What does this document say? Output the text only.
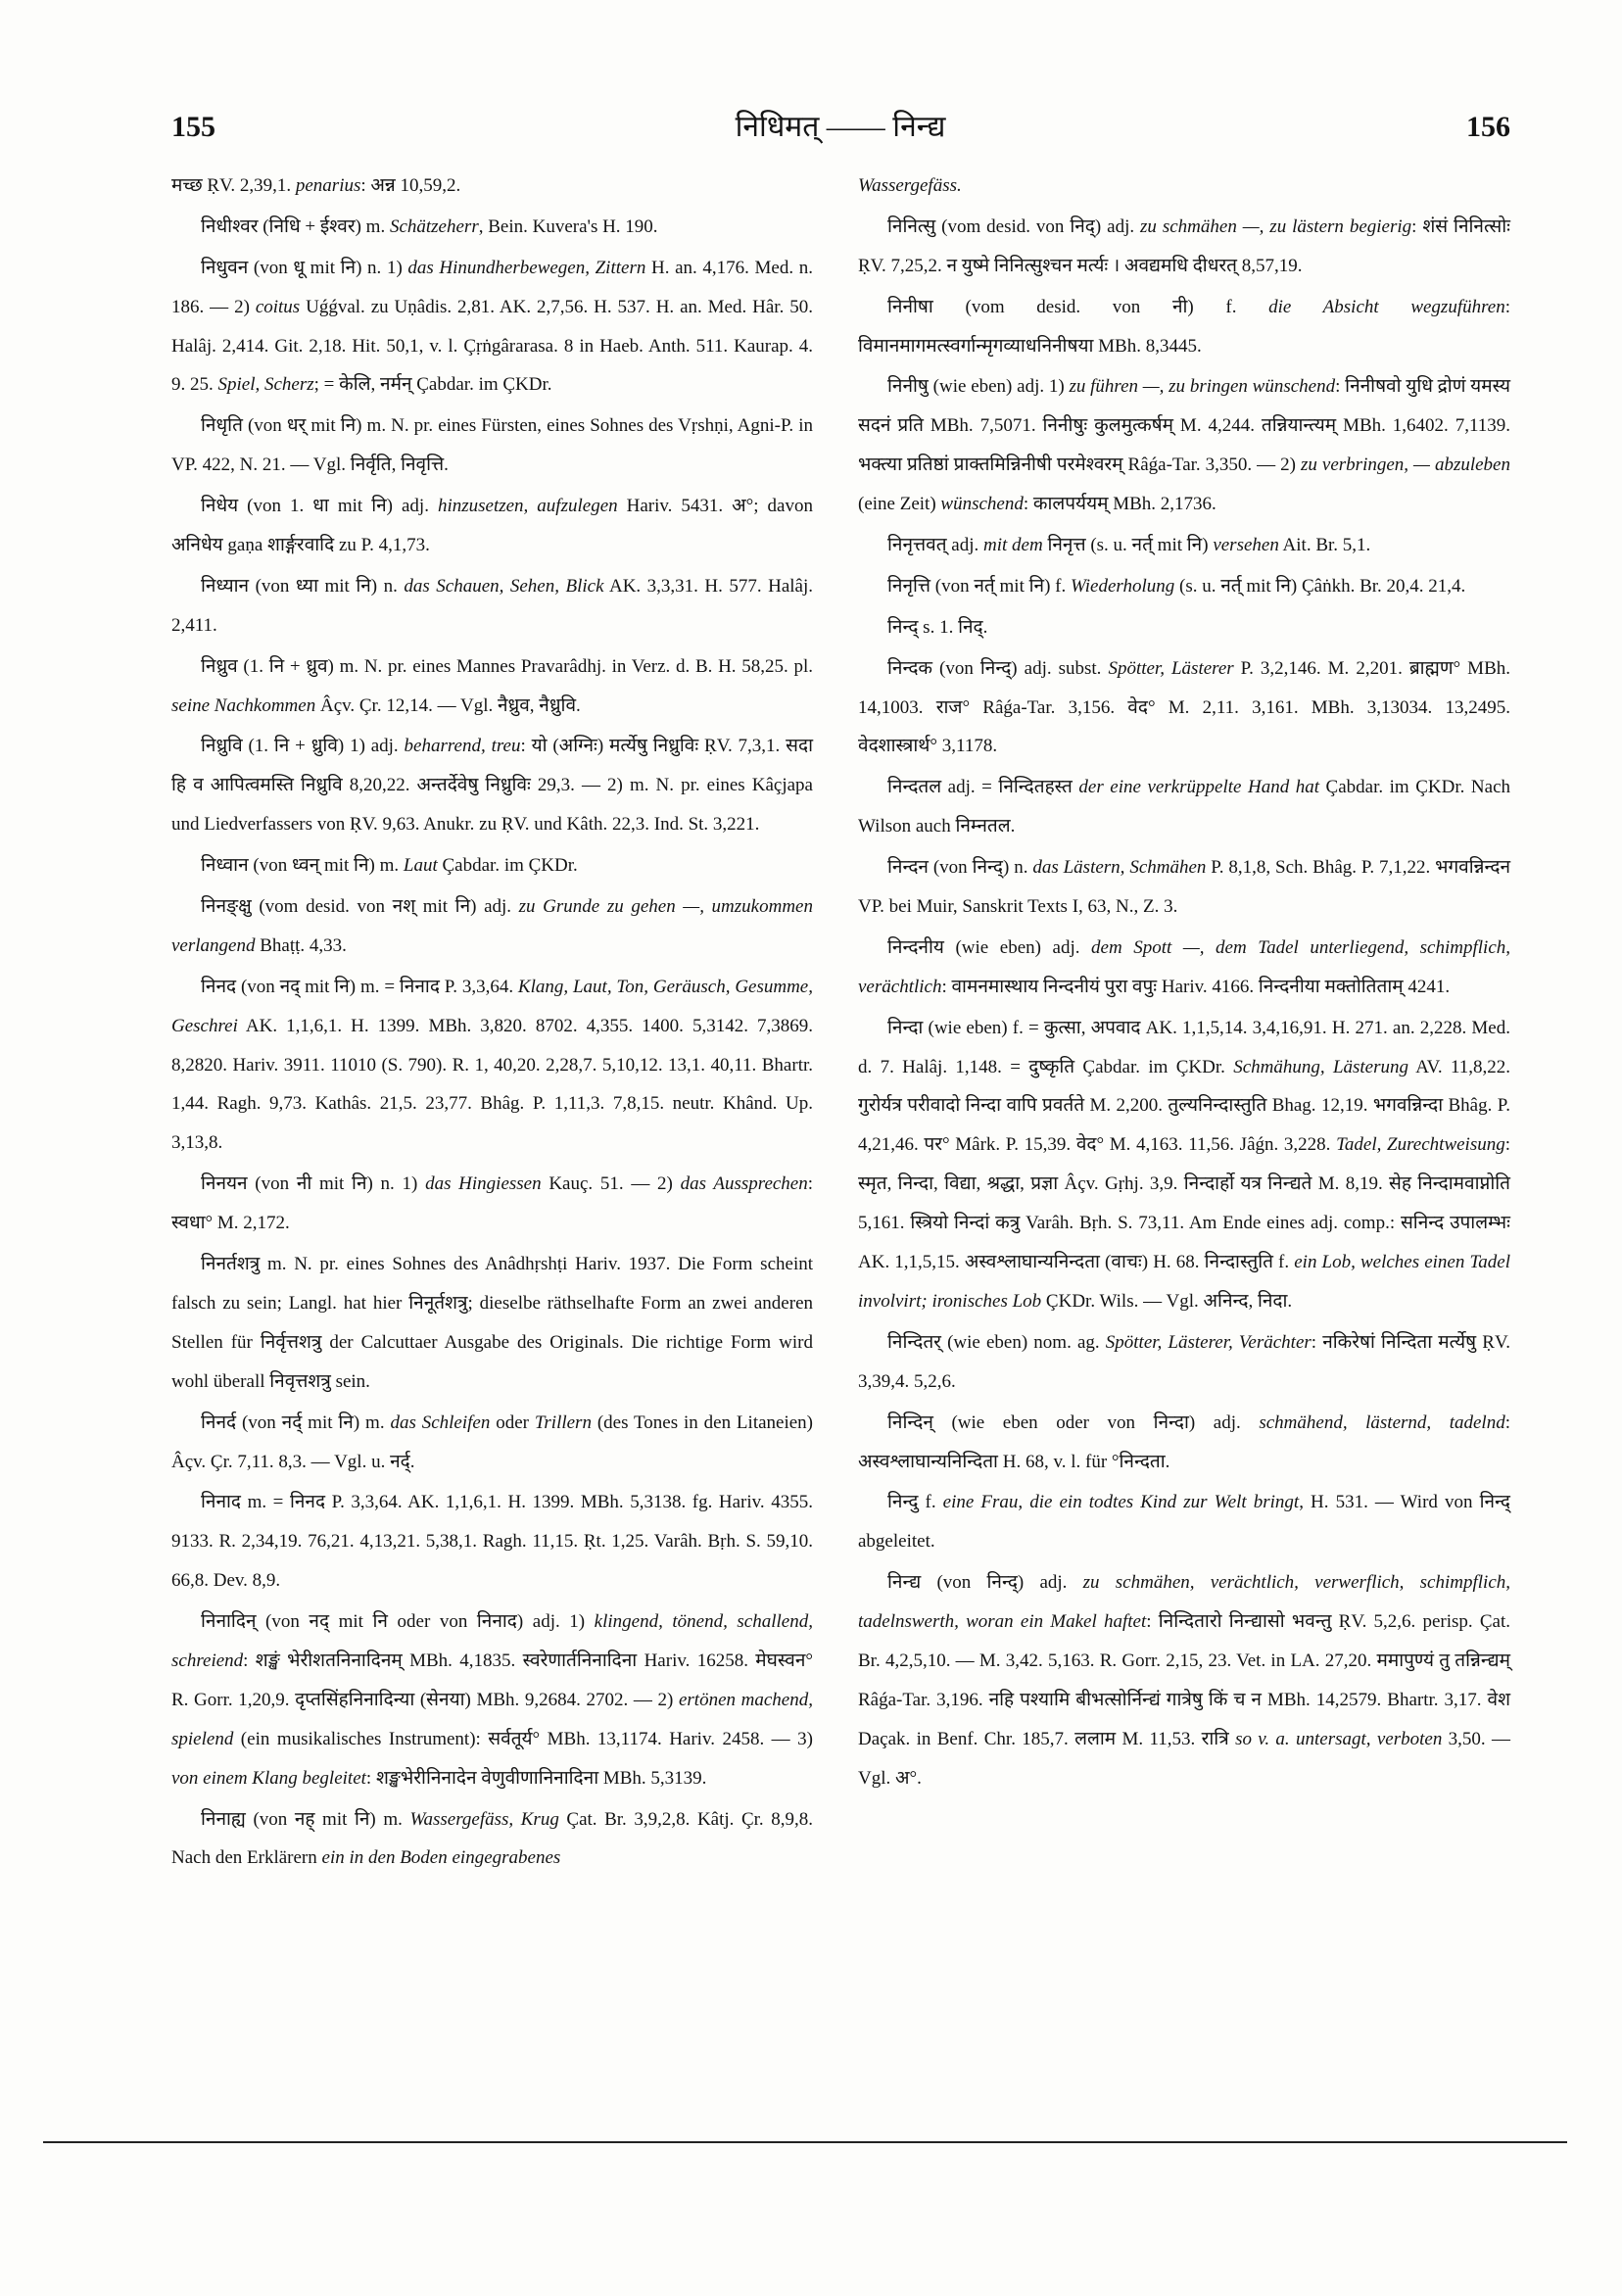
155	निधिमत् —— निन्द्य	156

मच्छ ṚV. 2,39,1. penarius: अन्न 10,59,2.

निधीश्वर (निधि + ईश्वर) m. Schätzeherr, Bein. Kuvera's H. 190.

निधुवन (von धू mit नि) n. 1) das Hinundherbewegen, Zittern H. an. 4,176. Med. n. 186. — 2) coitus Uǵǵval. zu Uṇâdis. 2,81. AK. 2,7,56. H. 537. H. an. Med. Hâr. 50. Halâj. 2,414. Git. 2,18. Hit. 50,1, v. l. Çṛṅgârarasa. 8 in Haeb. Anth. 511. Kaurap. 4. 9. 25. Spiel, Scherz; = केलि, नर्मन् Çabdar. im ÇKDr.

निधृति (von धर् mit नि) m. N. pr. eines Fürsten, eines Sohnes des Vṛshṇi, Agni-P. in VP. 422, N. 21. — Vgl. निर्वृति, निवृत्ति.

निधेय (von 1. धा mit नि) adj. hinzusetzen, aufzulegen Hariv. 5431. अ°; davon अनिधेय gaṇa शार्ङ्गरवादि zu P. 4,1,73.

निध्यान (von ध्या mit नि) n. das Schauen, Sehen, Blick AK. 3,3,31. H. 577. Halâj. 2,411.

निध्रुव (1. नि + ध्रुव) m. N. pr. eines Mannes Pravarâdhj. in Verz. d. B. H. 58,25. pl. seine Nachkommen Âçv. Çr. 12,14. — Vgl. नैध्रुव, नैध्रुवि.

निध्रुवि (1. नि + ध्रुवि) 1) adj. beharrend, treu: यो (अग्निः) मर्त्येषु निध्रुविः ṚV. 7,3,1. सदा हि व आपित्वमस्ति निध्रुवि 8,20,22. अन्तर्देवेषु निध्रुविः 29,3. — 2) m. N. pr. eines Kâçjapa und Liedverfassers von ṚV. 9,63. Anukr. zu ṚV. und Kâth. 22,3. Ind. St. 3,221.

निध्वान (von ध्वन् mit नि) m. Laut Çabdar. im ÇKDr.

निनङ्क्षु (vom desid. von नश् mit नि) adj. zu Grunde zu gehen —, umzukommen verlangend Bhaṭṭ. 4,33.

निनद (von नद् mit नि) m. = निनाद P. 3,3,64. Klang, Laut, Ton, Geräusch, Gesumme, Geschrei AK. 1,1,6,1. H. 1399. MBh. 3,820. 8702. 4,355. 1400. 5,3142. 7,3869. 8,2820. Hariv. 3911. 11010 (S. 790). R. 1, 40,20. 2,28,7. 5,10,12. 13,1. 40,11. Bhartr. 1,44. Ragh. 9,73. Kathâs. 21,5. 23,77. Bhâg. P. 1,11,3. 7,8,15. neutr. Khând. Up. 3,13,8.

निनयन (von नी mit नि) n. 1) das Hingiessen Kauç. 51. — 2) das Aussprechen: स्वधा° M. 2,172.

निनर्तशत्रु m. N. pr. eines Sohnes des Anâdhṛshṭi Hariv. 1937. Die Form scheint falsch zu sein; Langl. hat hier निनूर्तशत्रु; dieselbe räthselhafte Form an zwei anderen Stellen für निर्वृत्तशत्रु der Calcuttaer Ausgabe des Originals. Die richtige Form wird wohl überall निवृत्तशत्रु sein.

निनर्द (von नर्द् mit नि) m. das Schleifen oder Trillern (des Tones in den Litaneien) Âçv. Çr. 7,11. 8,3. — Vgl. u. नर्द्.

निनाद m. = निनद P. 3,3,64. AK. 1,1,6,1. H. 1399. MBh. 5,3138. fg. Hariv. 4355. 9133. R. 2,34,19. 76,21. 4,13,21. 5,38,1. Ragh. 11,15. Ṛt. 1,25. Varâh. Bṛh. S. 59,10. 66,8. Dev. 8,9.

निनादिन् (von नद् mit नि oder von निनाद) adj. 1) klingend, tönend, schallend, schreiend: शङ्खं भेरीशतनिनादिनम् MBh. 4,1835. स्वरेणार्तनिनादिना Hariv. 16258. मेघस्वन° R. Gorr. 1,20,9. दृप्तसिंहनिनादिन्या (सेनया) MBh. 9,2684. 2702. — 2) ertönen machend, spielend (ein musikalisches Instrument): सर्वतूर्य° MBh. 13,1174. Hariv. 2458. — 3) von einem Klang begleitet: शङ्खभेरीनिनादेन वेणुवीणानिनादिना MBh. 5,3139.

निनाह्य (von नह् mit नि) m. Wassergefäss, Krug Çat. Br. 3,9,2,8. Kâtj. Çr. 8,9,8. Nach den Erklärern ein in den Boden eingegrabenes

Wassergefäss.

निनित्सु (vom desid. von निद्) adj. zu schmähen —, zu lästern begierig: शंसं निनित्सोः ṚV. 7,25,2. न युष्मे निनित्सुश्चन मर्त्यः । अवद्यमधि दीधरत् 8,57,19.

निनीषा (vom desid. von नी) f. die Absicht wegzuführen: विमानमागमत्स्वर्गान्मृगव्याधनिनीषया MBh. 8,3445.

निनीषु (wie eben) adj. 1) zu führen —, zu bringen wünschend: निनीषवो युधि द्रोणं यमस्य सदनं प्रति MBh. 7,5071. निनीषुः कुलमुत्कर्षम् M. 4,244. तन्नियान्त्यम् MBh. 1,6402. 7,1139. भक्त्या प्रतिष्ठां प्राक्तमिन्निनीषी परमेश्वरम् Râǵa-Tar. 3,350. — 2) zu verbringen, — abzuleben (eine Zeit) wünschend: कालपर्ययम् MBh. 2,1736.

निनृत्तवत् adj. mit dem निनृत्त (s. u. नर्त् mit नि) versehen Ait. Br. 5,1.

निनृत्ति (von नर्त् mit नि) f. Wiederholung (s. u. नर्त् mit नि) Çâṅkh. Br. 20,4. 21,4.

निन्द् s. 1. निद्.

निन्दक (von निन्द्) adj. subst. Spötter, Lästerer P. 3,2,146. M. 2,201. ब्राह्मण° MBh. 14,1003. राज° Râǵa-Tar. 3,156. वेद° M. 2,11. 3,161. MBh. 3,13034. 13,2495. वेदशास्त्रार्थ° 3,1178.

निन्दतल adj. = निन्दितहस्त der eine verkrüppelte Hand hat Çabdar. im ÇKDr. Nach Wilson auch निम्नतल.

निन्दन (von निन्द्) n. das Lästern, Schmähen P. 8,1,8, Sch. Bhâg. P. 7,1,22. भगवन्निन्दन VP. bei Muir, Sanskrit Texts I, 63, N., Z. 3.

निन्दनीय (wie eben) adj. dem Spott —, dem Tadel unterliegend, schimpflich, verächtlich: वामनमास्थाय निन्दनीयं पुरा वपुः Hariv. 4166. निन्दनीया मक्तोतिताम् 4241.

निन्दा (wie eben) f. = कुत्सा, अपवाद AK. 1,1,5,14. 3,4,16,91. H. 271. an. 2,228. Med. d. 7. Halâj. 1,148. = दुष्कृति Çabdar. im ÇKDr. Schmähung, Lästerung AV. 11,8,22. गुरोर्यत्र परीवादो निन्दा वापि प्रवर्तते M. 2,200. तुल्यनिन्दास्तुति Bhag. 12,19. भगवन्निन्दा Bhâg. P. 4,21,46. पर° Mârk. P. 15,39. वेद° M. 4,163. 11,56. Jâǵn. 3,228. Tadel, Zurechtweisung: स्मृत, निन्दा, विद्या, श्रद्धा, प्रज्ञा Âçv. Gṛhj. 3,9. निन्दार्हो यत्र निन्द्यते M. 8,19. सेह निन्दामवाप्नोति 5,161. स्त्रियो निन्दां कत्रु Varâh. Bṛh. S. 73,11. Am Ende eines adj. comp.: सनिन्द उपालम्भः AK. 1,1,5,15. अस्वश्लाघान्यनिन्दता (वाचः) H. 68. निन्दास्तुति f. ein Lob, welches einen Tadel involvirt; ironisches Lob ÇKDr. Wils. — Vgl. अनिन्द, निदा.

निन्दितर् (wie eben) nom. ag. Spötter, Lästerer, Verächter: नकिरेषां निन्दिता मर्त्येषु ṚV. 3,39,4. 5,2,6.

निन्दिन् (wie eben oder von निन्दा) adj. schmähend, lästernd, tadelnd: अस्वश्लाघान्यनिन्दिता H. 68, v. l. für °निन्दता.

निन्दु f. eine Frau, die ein todtes Kind zur Welt bringt, H. 531. — Wird von निन्द् abgeleitet.

निन्द्य (von निन्द्) adj. zu schmähen, verächtlich, verwerflich, schimpflich, tadelnswerth, woran ein Makel haftet: निन्दितारो निन्द्यासो भवन्तु ṚV. 5,2,6. perisp. Çat. Br. 4,2,5,10. — M. 3,42. 5,163. R. Gorr. 2,15, 23. Vet. in LA. 27,20. ममापुण्यं तु तन्निन्द्यम् Râǵa-Tar. 3,196. नहि पश्यामि बीभत्सोर्निन्द्यं गात्रेषु किं च न MBh. 14,2579. Bhartr. 3,17. वेश Daçak. in Benf. Chr. 185,7. ललाम M. 11,53. रात्रि so v. a. untersagt, verboten 3,50. — Vgl. अ°.
